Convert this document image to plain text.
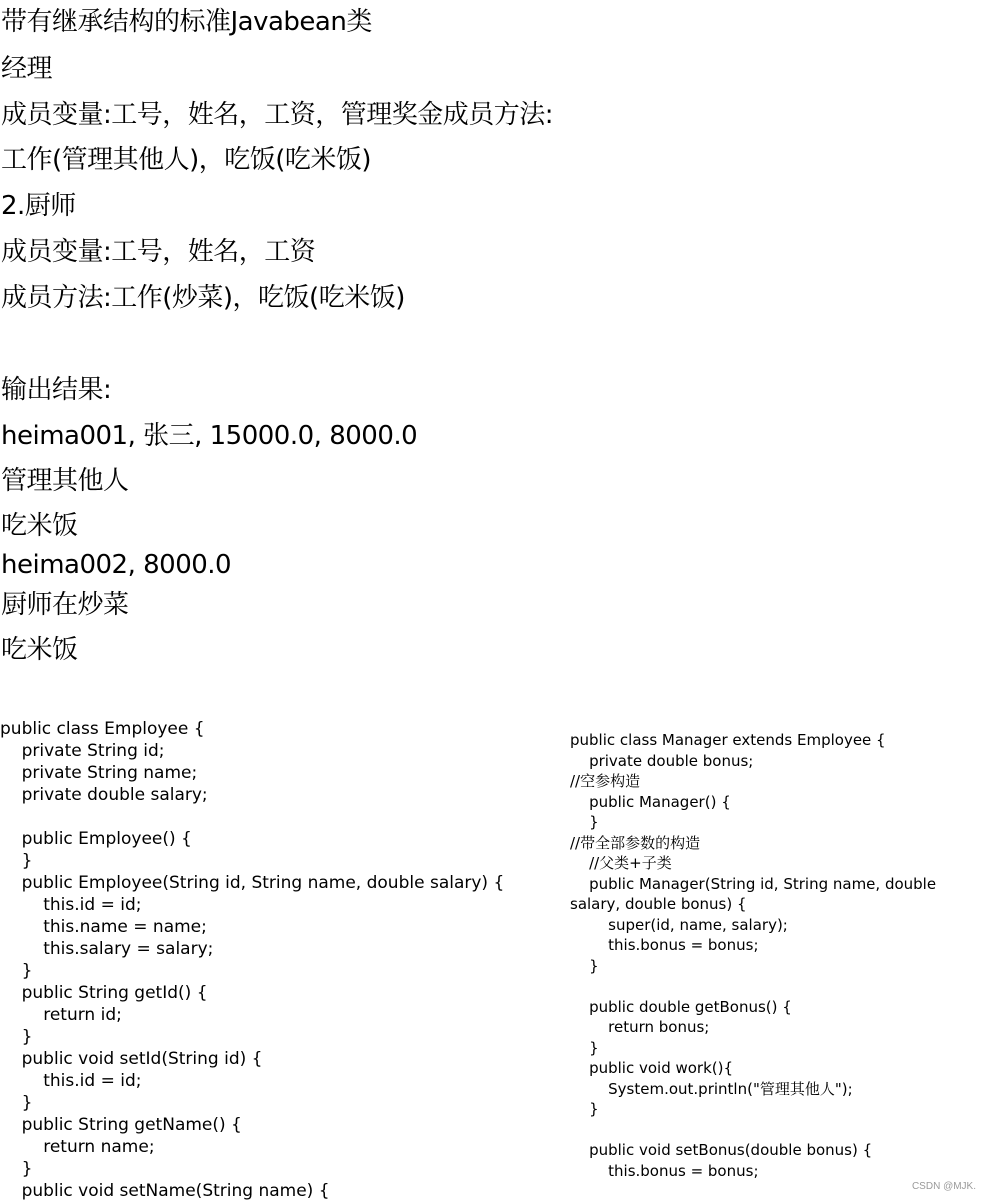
带有继承结构的标准Javabean类
经理
成员变量:工号，姓名，工资，管理奖金成员方法:
工作(管理其他人)，吃饭(吃米饭)
2.厨师
成员变量:工号，姓名，工资
成员方法:工作(炒菜)，吃饭(吃米饭)
输出结果:
heima001, 张三, 15000.0, 8000.0
管理其他人
吃米饭
heima002, 8000.0
厨师在炒菜
吃米饭
public class Employee {
private String id;
private String name;
private double salary;

public Employee() {
}
public Employee(String id, String name, double salary) {
this.id = id;
this.name = name;
this.salary = salary;
}
public String getId() {
return id;
}
public void setId(String id) {
this.id = id;
}
public String getName() {
return name;
}
public void setName(String name) {
public class Manager extends Employee {
private double bonus;
//空参构造
public Manager() {
}
//带全部参数的构造
//父类+子类
public Manager(String id, String name, double
salary, double bonus) {
super(id, name, salary);
this.bonus = bonus;
}

public double getBonus() {
return bonus;
}
public void work(){
System.out.println("管理其他人");
}

public void setBonus(double bonus) {
this.bonus = bonus;
CSDN @MJK.
